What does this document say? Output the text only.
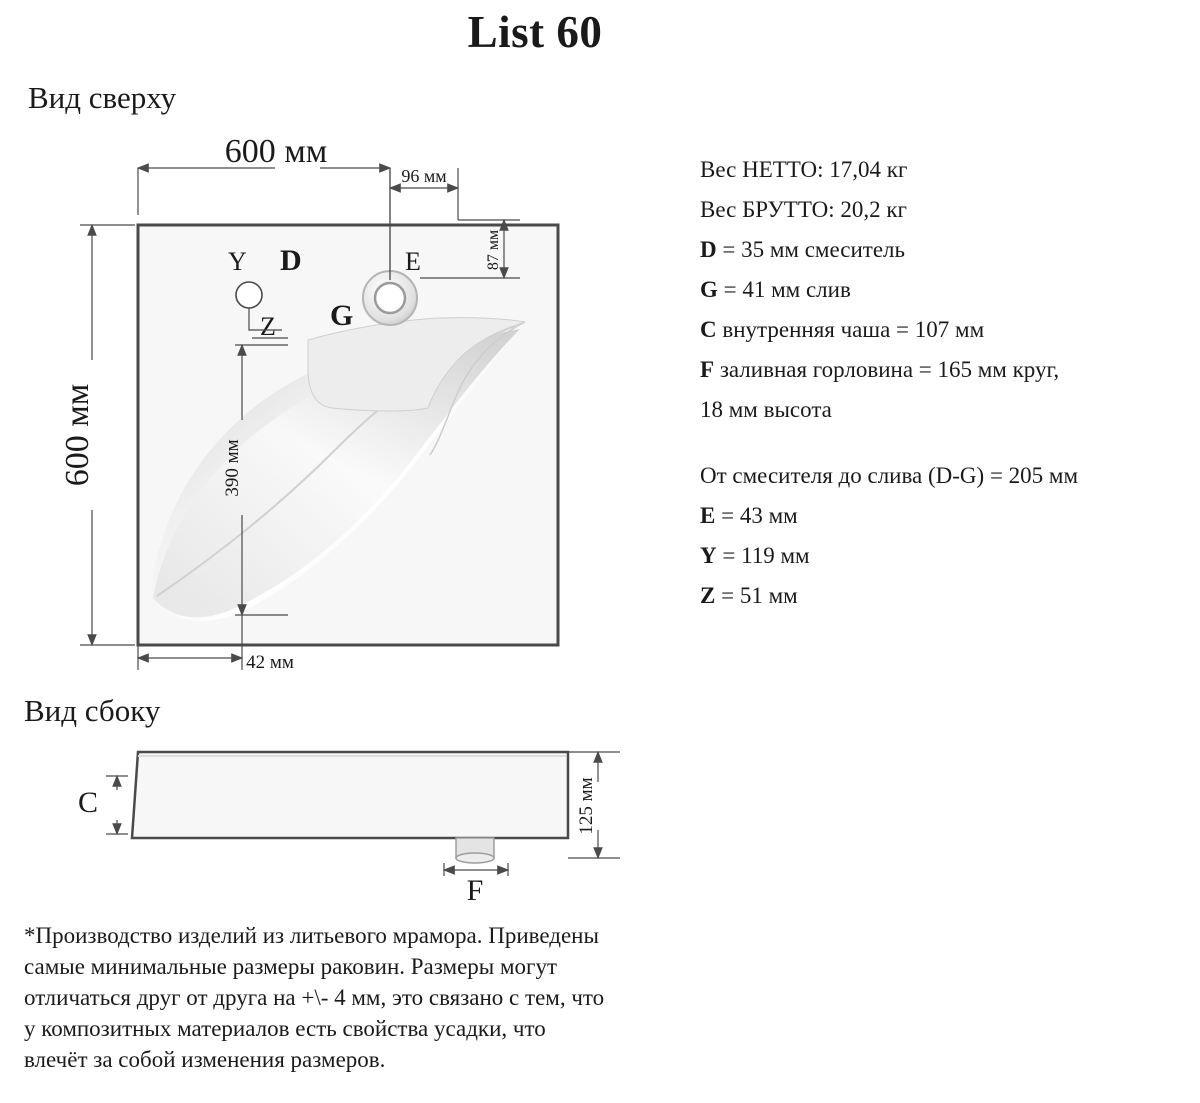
List 60
Вид сверху
Вид сбоку
Y D
Z G
E
600 мм
96 мм
87 мм
600 мм	390 мм
42 мм
C
F
125 мм
Вес НЕТТО: 17,04 кг
Вес БРУТТО: 20,2 кг
D = 35 мм смеситель
G = 41 мм слив
C внутренняя чаша = 107 мм
F заливная горловина = 165 мм круг,
18 мм высота
От смесителя до слива (D-G) = 205 мм
E = 43 мм
Y = 119 мм
Z = 51 мм
*Производство изделий из литьевого мрамора. Приведены
самые минимальные размеры раковин. Размеры могут
отличаться друг от друга на +\- 4 мм, это связано с тем, что
у композитных материалов есть свойства усадки, что
влечёт за собой изменения размеров.
